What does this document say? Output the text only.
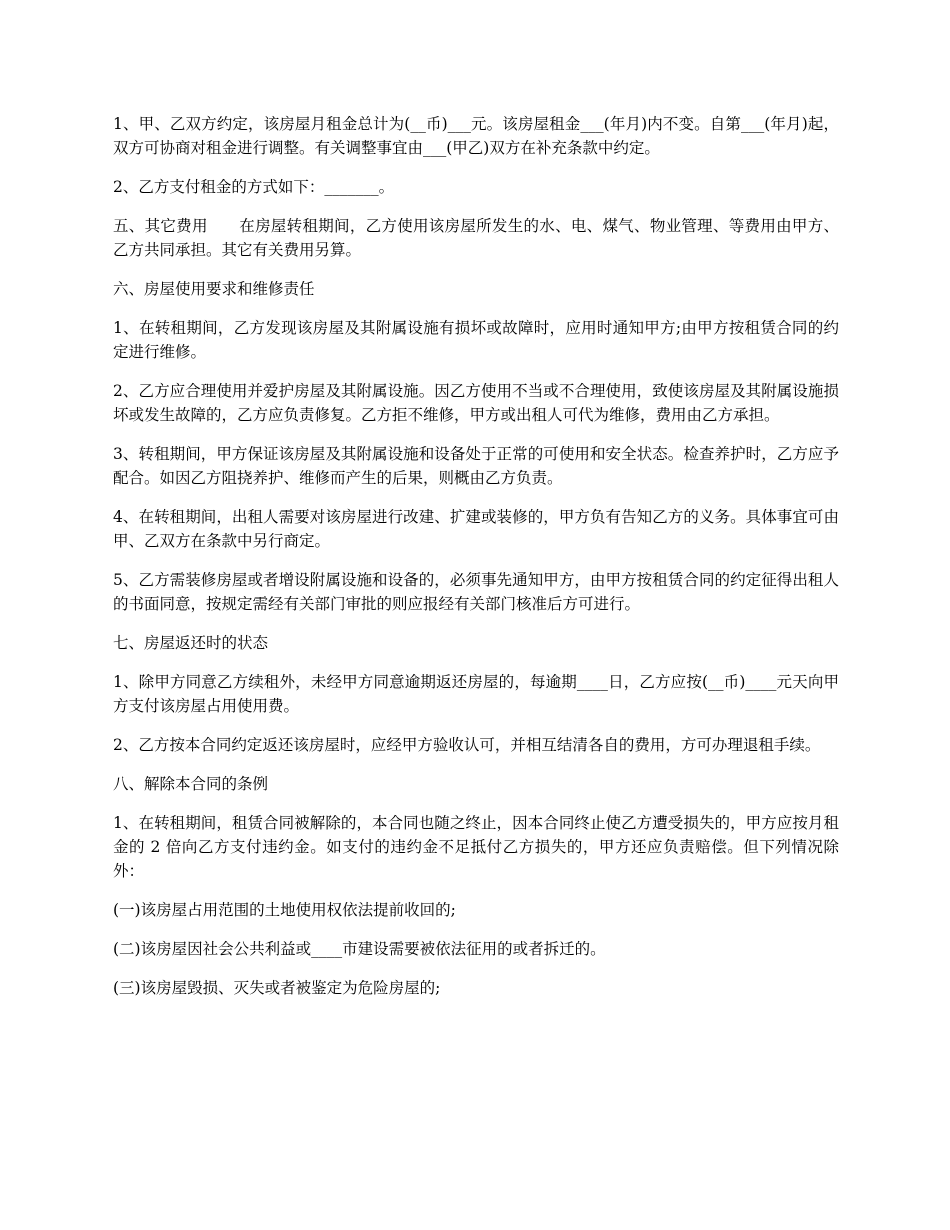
1、甲、乙双方约定，该房屋月租金总计为(__币)___元。该房屋租金___(年月)内不变。自第___(年月)起，双方可协商对租金进行调整。有关调整事宜由___(甲乙)双方在补充条款中约定。

2、乙方支付租金的方式如下：_______。

五、其它费用　　在房屋转租期间，乙方使用该房屋所发生的水、电、煤气、物业管理、等费用由甲方、乙方共同承担。其它有关费用另算。

六、房屋使用要求和维修责任

1、在转租期间，乙方发现该房屋及其附属设施有损坏或故障时，应用时通知甲方;由甲方按租赁合同的约定进行维修。

2、乙方应合理使用并爱护房屋及其附属设施。因乙方使用不当或不合理使用，致使该房屋及其附属设施损坏或发生故障的，乙方应负责修复。乙方拒不维修，甲方或出租人可代为维修，费用由乙方承担。

3、转租期间，甲方保证该房屋及其附属设施和设备处于正常的可使用和安全状态。检查养护时，乙方应予配合。如因乙方阻挠养护、维修而产生的后果，则概由乙方负责。

4、在转租期间，出租人需要对该房屋进行改建、扩建或装修的，甲方负有告知乙方的义务。具体事宜可由甲、乙双方在条款中另行商定。

5、乙方需装修房屋或者增设附属设施和设备的，必须事先通知甲方，由甲方按租赁合同的约定征得出租人的书面同意，按规定需经有关部门审批的则应报经有关部门核准后方可进行。

七、房屋返还时的状态

1、除甲方同意乙方续租外，未经甲方同意逾期返还房屋的，每逾期____日，乙方应按(__币)____元天向甲方支付该房屋占用使用费。

2、乙方按本合同约定返还该房屋时，应经甲方验收认可，并相互结清各自的费用，方可办理退租手续。

八、解除本合同的条例

1、在转租期间，租赁合同被解除的，本合同也随之终止，因本合同终止使乙方遭受损失的，甲方应按月租金的 2 倍向乙方支付违约金。如支付的违约金不足抵付乙方损失的，甲方还应负责赔偿。但下列情况除外：

(一)该房屋占用范围的土地使用权依法提前收回的;

(二)该房屋因社会公共利益或____市建设需要被依法征用的或者拆迁的。

(三)该房屋毁损、灭失或者被鉴定为危险房屋的;
